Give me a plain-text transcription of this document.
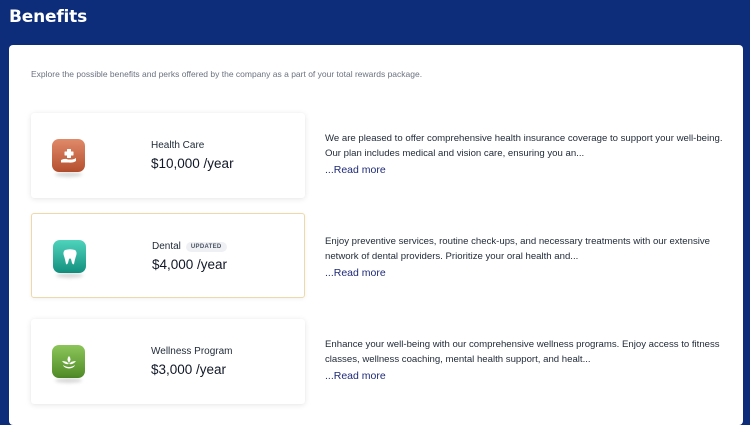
Benefits
Explore the possible benefits and perks offered by the company as a part of your total rewards package.
Health Care
$10,000 /year
We are pleased to offer comprehensive health insurance coverage to support your well-being. Our plan includes medical and vision care, ensuring you an...
...Read more
Dental	UPDATED
$4,000 /year
Enjoy preventive services, routine check-ups, and necessary treatments with our extensive network of dental providers. Prioritize your oral health and...
...Read more
Wellness Program
$3,000 /year
Enhance your well-being with our comprehensive wellness programs. Enjoy access to fitness classes, wellness coaching, mental health support, and healt...
...Read more
